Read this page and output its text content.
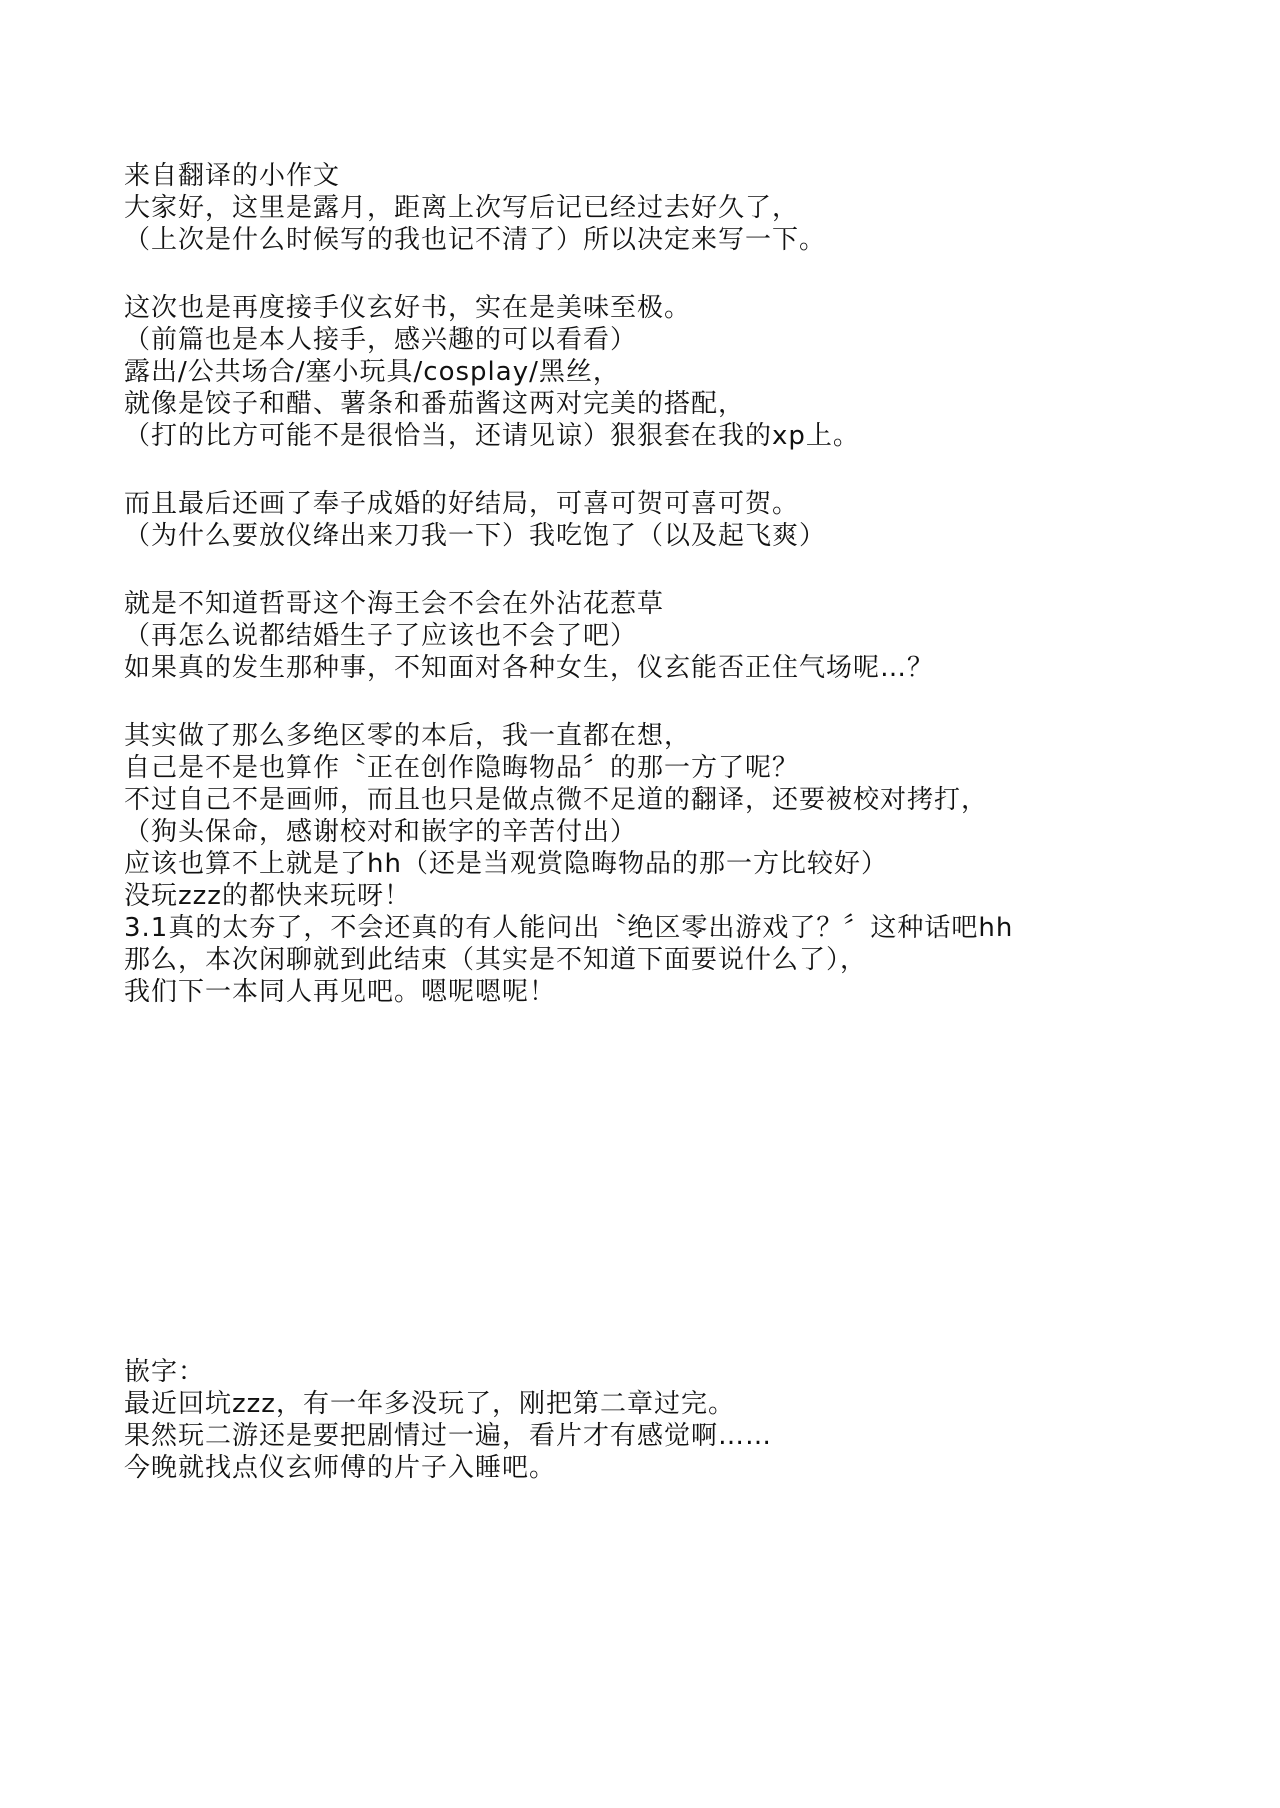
来自翻译的小作文
大家好，这里是露月，距离上次写后记已经过去好久了，
（上次是什么时候写的我也记不清了）所以决定来写一下。
这次也是再度接手仪玄好书，实在是美味至极。
（前篇也是本人接手，感兴趣的可以看看）
露出/公共场合/塞小玩具/cosplay/黑丝，
就像是饺子和醋、薯条和番茄酱这两对完美的搭配，
（打的比方可能不是很恰当，还请见谅）狠狠套在我的xp上。
而且最后还画了奉子成婚的好结局，可喜可贺可喜可贺。
（为什么要放仪绛出来刀我一下）我吃饱了（以及起飞爽）
就是不知道哲哥这个海王会不会在外沾花惹草
（再怎么说都结婚生子了应该也不会了吧）
如果真的发生那种事，不知面对各种女生，仪玄能否正住气场呢…？
其实做了那么多绝区零的本后，我一直都在想，
自己是不是也算作〝正在创作隐晦物品〞的那一方了呢？
不过自己不是画师，而且也只是做点微不足道的翻译，还要被校对拷打，
（狗头保命，感谢校对和嵌字的辛苦付出）
应该也算不上就是了hh（还是当观赏隐晦物品的那一方比较好）
没玩zzz的都快来玩呀！
3.1真的太夯了，不会还真的有人能问出〝绝区零出游戏了？〞这种话吧hh
那么，本次闲聊就到此结束（其实是不知道下面要说什么了），
我们下一本同人再见吧。嗯呢嗯呢！
嵌字：
最近回坑zzz，有一年多没玩了，刚把第二章过完。
果然玩二游还是要把剧情过一遍，看片才有感觉啊……
今晚就找点仪玄师傅的片子入睡吧。
